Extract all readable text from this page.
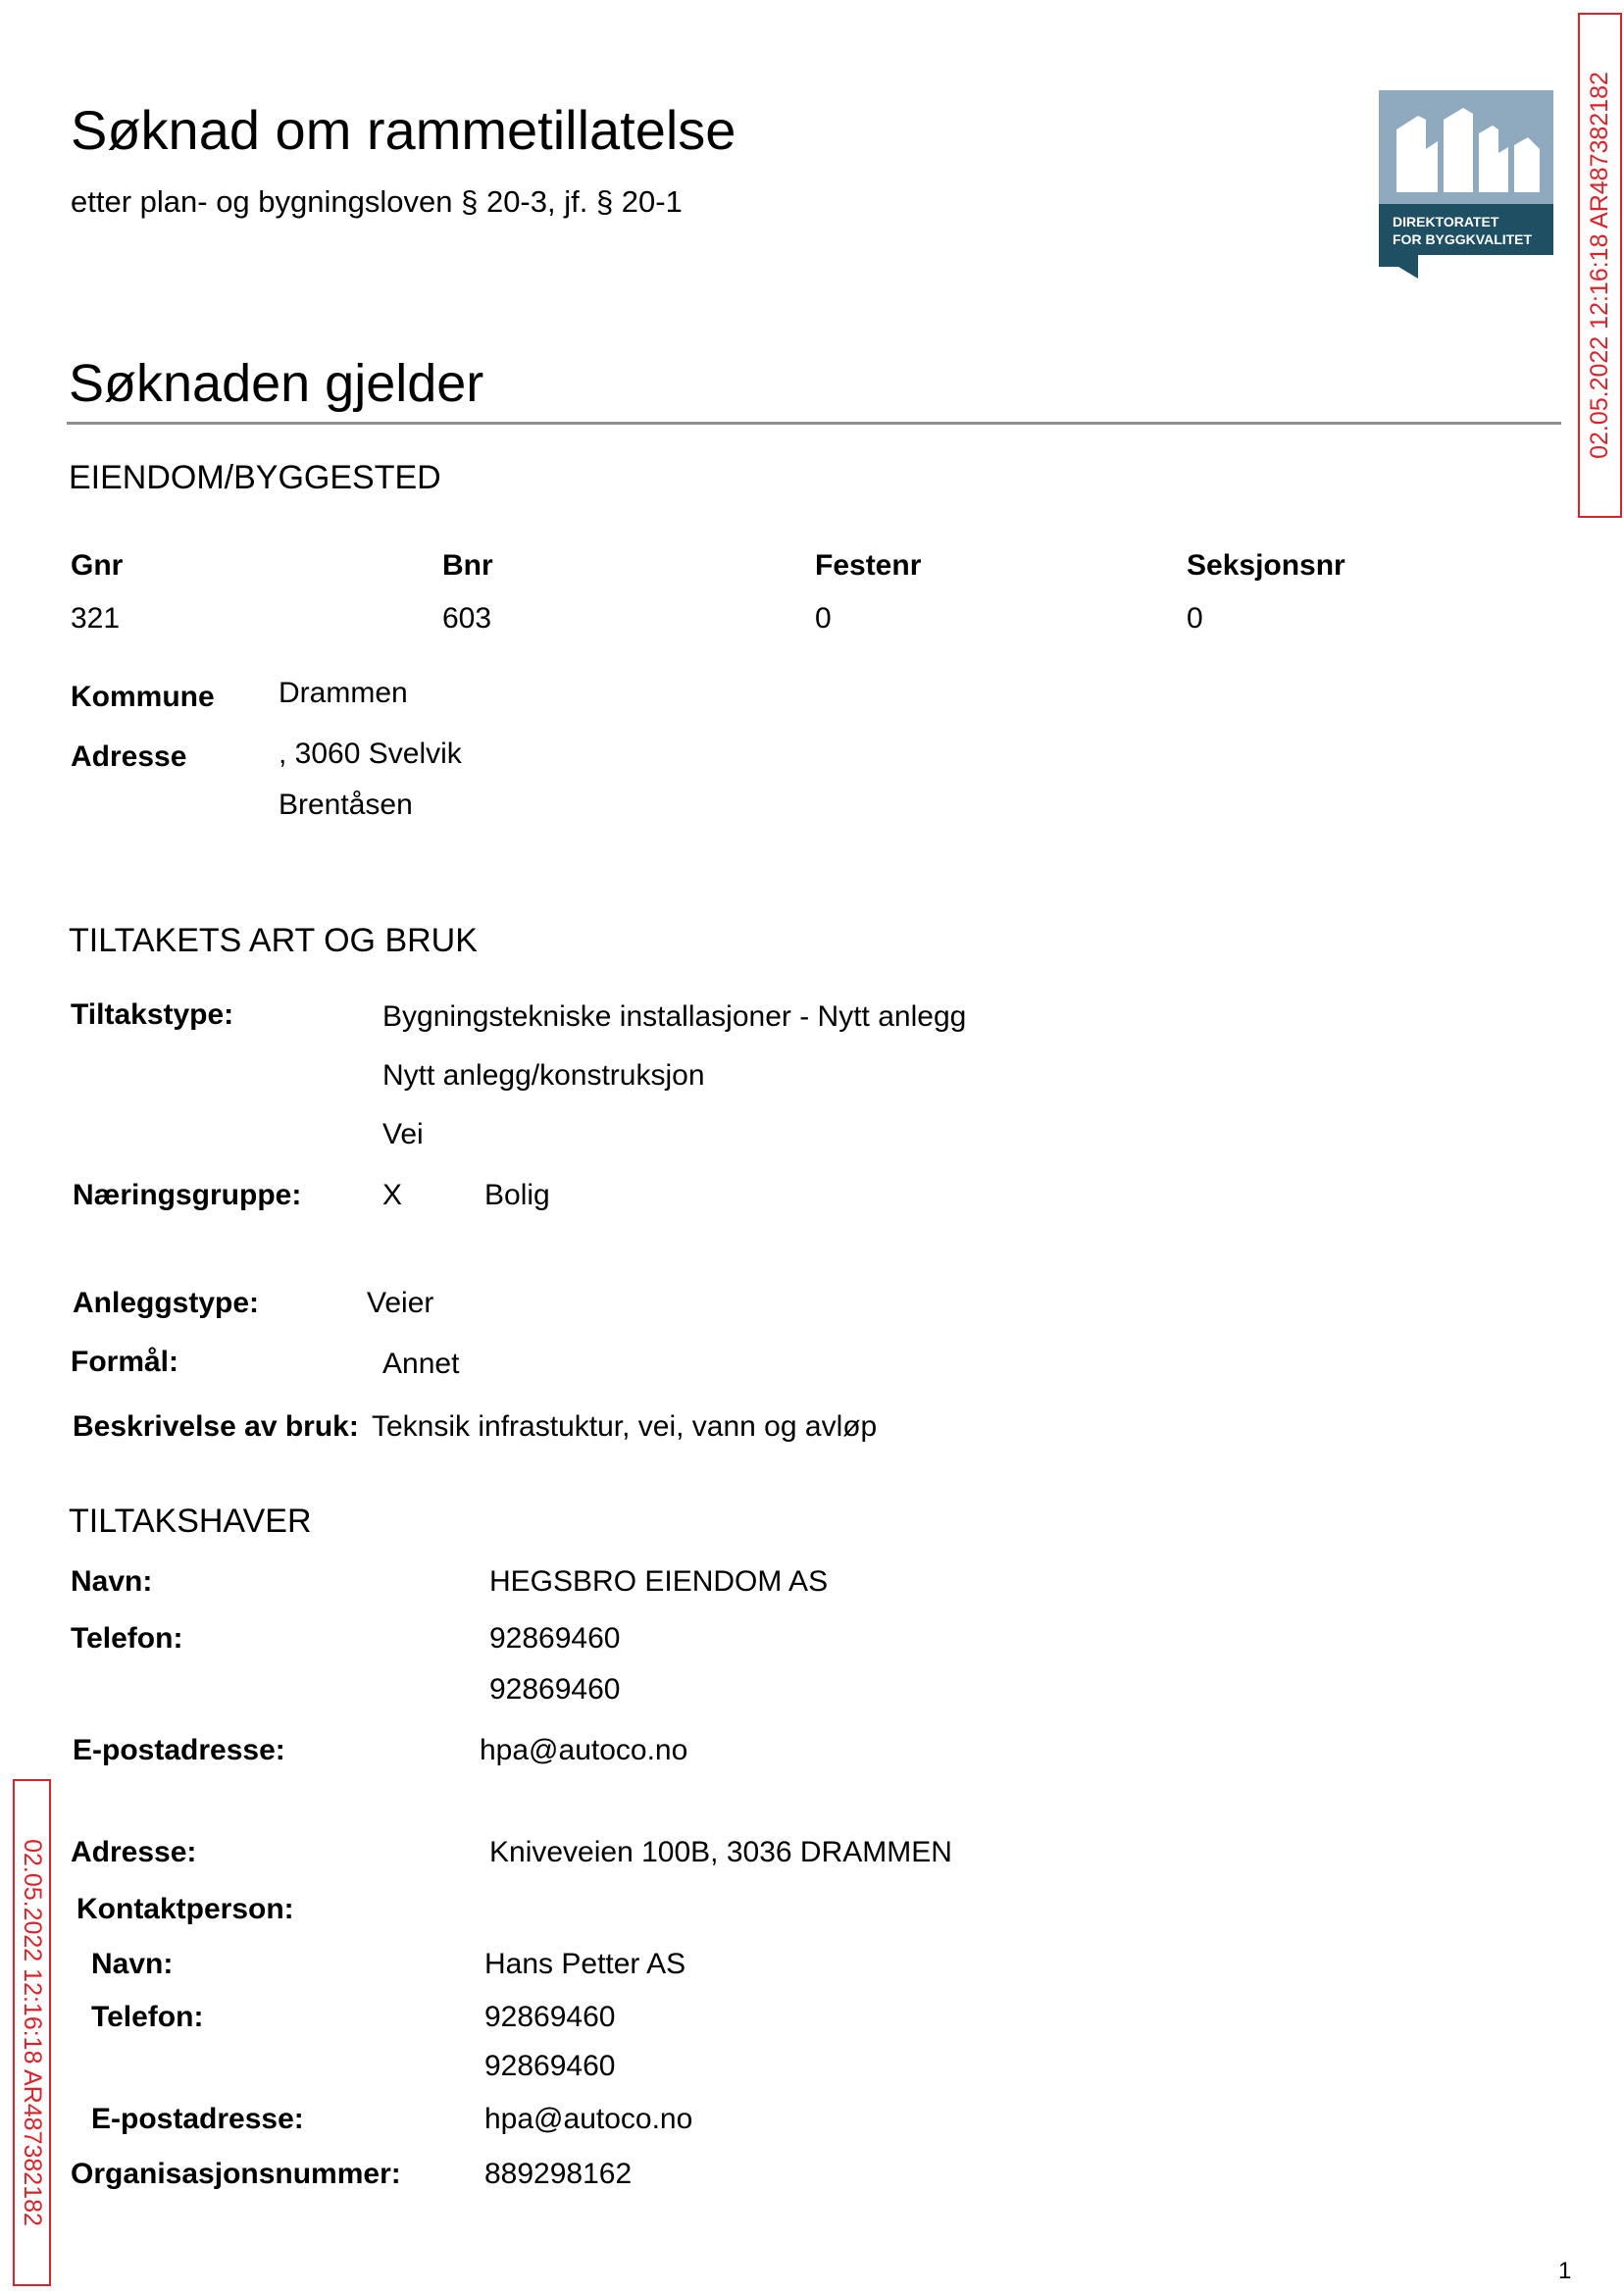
Søknad om rammetillatelse
etter plan- og bygningsloven § 20-3, jf. § 20-1
DIREKTORATET
FOR BYGGKVALITET
Søknaden gjelder
EIENDOM/BYGGESTED
Gnr	Bnr	Festenr	Seksjonsnr
321	603	0	0
Kommune Drammen
Adresse	, 3060 Svelvik
Brentåsen
TILTAKETS ART OG BRUK
Tiltakstype:	Bygningstekniske installasjoner - Nytt anlegg
Nytt anlegg/konstruksjon
Vei
Næringsgruppe:	X	Bolig
Anleggstype:	Veier
Formål:	Annet
Beskrivelse av bruk: Teknsik infrastuktur, vei, vann og avløp
TILTAKSHAVER
Navn:	HEGSBRO EIENDOM AS
Telefon:	92869460
92869460
E-postadresse:	hpa@autoco.no
Adresse:	Kniveveien 100B, 3036 DRAMMEN
Kontaktperson:
Navn:	Hans Petter AS
Telefon:	92869460
92869460
E-postadresse:	hpa@autoco.no
Organisasjonsnummer:	889298162
02.05.2022 12:16:18 AR487382182
02.05.2022 12:16:18 AR487382182
1
